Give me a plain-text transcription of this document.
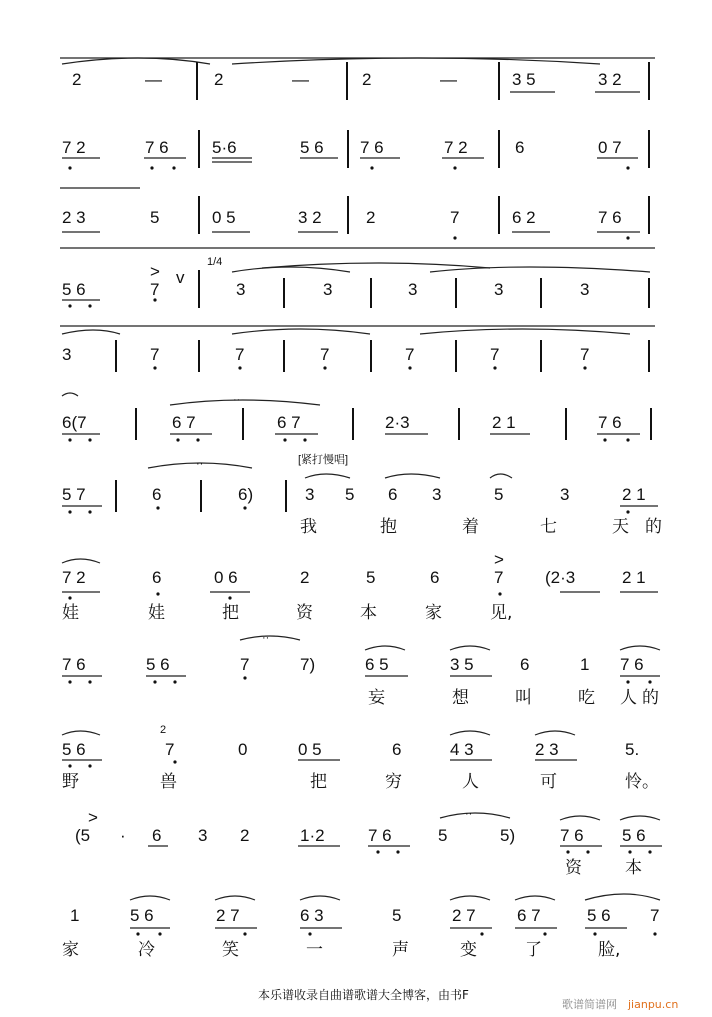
2	—	2	—	2	—	3 5	3 2
7 2	7 6	5·6	5 6 7 6	7 2	6	0 7
2 3	5	0 5	3 2	2	7	6 2	7 6
5 6
>
7
v
1/4
3	3	3	3	3
3	7	7	7	7	7	7
6(7	6 7
··
6 7	2·3	2 1	7 6
5 7	6
··
6)
[紧打慢唱]
3 5 6 3	5	3	2 1
我	抱	着	七	天 的
7 2	6	0 6	2	5	6
>
7 (2·3	2 1
娃	娃	把	资	本	家	见,
7 6	5 6
··
7	7)	6 5	3 5	6	1 7 6
妄	想	叫	吃 人 的
5 6
2
7	0	0 5	6	4 3	2 3	5.
野	兽	把	穷	人	可	怜。
(5
>
· 6 3 2	1·2	7 6
··
5	5)	7 6 5 6
资	本
1	5 6	2 7	6 3	5	2 7 6 7	5 6 7
家	冷	笑	一	声	变	了	脸,
本乐谱收录自曲谱歌谱大全博客，由书F
歌谱简谱网 jianpu.cn
